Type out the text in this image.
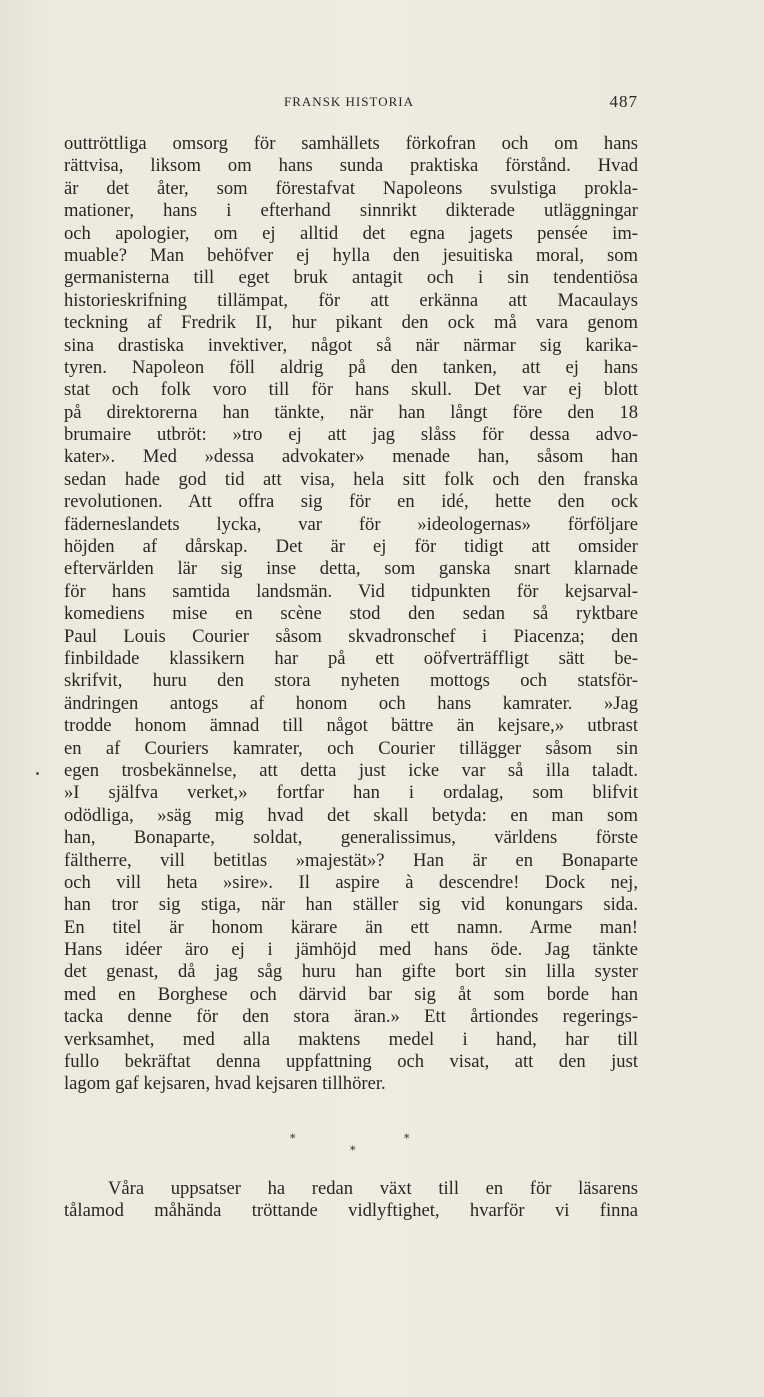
FRANSK HISTORIA	487
outtröttliga omsorg för samhällets förkofran och om hans
rättvisa, liksom om hans sunda praktiska förstånd. Hvad
är det åter, som förestafvat Napoleons svulstiga prokla-
mationer, hans i efterhand sinnrikt dikterade utläggningar
och apologier, om ej alltid det egna jagets pensée im-
muable? Man behöfver ej hylla den jesuitiska moral, som
germanisterna till eget bruk antagit och i sin tendentiösa
historieskrifning tillämpat, för att erkänna att Macaulays
teckning af Fredrik II, hur pikant den ock må vara genom
sina drastiska invektiver, något så när närmar sig karika-
tyren. Napoleon föll aldrig på den tanken, att ej hans
stat och folk voro till för hans skull. Det var ej blott
på direktorerna han tänkte, när han långt före den 18
brumaire utbröt: »tro ej att jag slåss för dessa advo-
kater». Med »dessa advokater» menade han, såsom han
sedan hade god tid att visa, hela sitt folk och den franska
revolutionen. Att offra sig för en idé, hette den ock
fäderneslandets lycka, var för »ideologernas» förföljare
höjden af dårskap. Det är ej för tidigt att omsider
eftervärlden lär sig inse detta, som ganska snart klarnade
för hans samtida landsmän. Vid tidpunkten för kejsarval-
komediens mise en scène stod den sedan så ryktbare
Paul Louis Courier såsom skvadronschef i Piacenza; den
finbildade klassikern har på ett oöfverträffligt sätt be-
skrifvit, huru den stora nyheten mottogs och statsför-
ändringen antogs af honom och hans kamrater. »Jag
trodde honom ämnad till något bättre än kejsare,» utbrast
en af Couriers kamrater, och Courier tillägger såsom sin
egen trosbekännelse, att detta just icke var så illa taladt.
»I själfva verket,» fortfar han i ordalag, som blifvit
odödliga, »säg mig hvad det skall betyda: en man som
han, Bonaparte, soldat, generalissimus, världens förste
fältherre, vill betitlas »majestät»? Han är en Bonaparte
och vill heta »sire». Il aspire à descendre! Dock nej,
han tror sig stiga, när han ställer sig vid konungars sida.
En titel är honom kärare än ett namn. Arme man!
Hans idéer äro ej i jämhöjd med hans öde. Jag tänkte
det genast, då jag såg huru han gifte bort sin lilla syster
med en Borghese och därvid bar sig åt som borde han
tacka denne för den stora äran.» Ett årtiondes regerings-
verksamhet, med alla maktens medel i hand, har till
fullo bekräftat denna uppfattning och visat, att den just
lagom gaf kejsaren, hvad kejsaren tillhörer.
*	*
*
Våra uppsatser ha redan växt till en för läsarens
tålamod måhända tröttande vidlyftighet, hvarför vi finna
